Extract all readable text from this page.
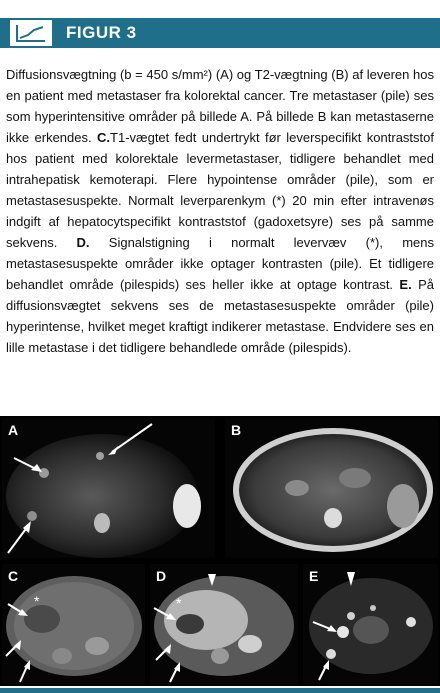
FIGUR 3
Diffusionsvægtning (b = 450 s/mm²) (A) og T2-vægtning (B) af leveren hos en patient med metastaser fra kolorektal cancer. Tre metastaser (pile) ses som hyperintensitive områder på billede A. På billede B kan metastaserne ikke erkendes. C.T1-vægtet fedt undertrykt før leverspecifikt kontraststof hos patient med kolorektale levermetastaser, tidligere behandlet med intrahepatisk kemoterapi. Flere hypointense områder (pile), som er metastasesuspekte. Normalt leverparenkym (*) 20 min efter intravenøs indgift af hepatocytspecifikt kontraststof (gadoxetsyre) ses på samme sekvens. D. Signalstigning i normalt levervæv (*), mens metastasesuspekte områder ikke optager kontrasten (pile). Et tidligere behandlet område (pilespids) ses heller ikke at optage kontrast. E. På diffusionsvægtet sekvens ses de metastasesuspekte områder (pile) hyperintense, hvilket meget kraftigt indikerer metastase. Endvidere ses en lille metastase i det tidligere behandlede område (pilespids).
A	B
*
C
*
D	E
